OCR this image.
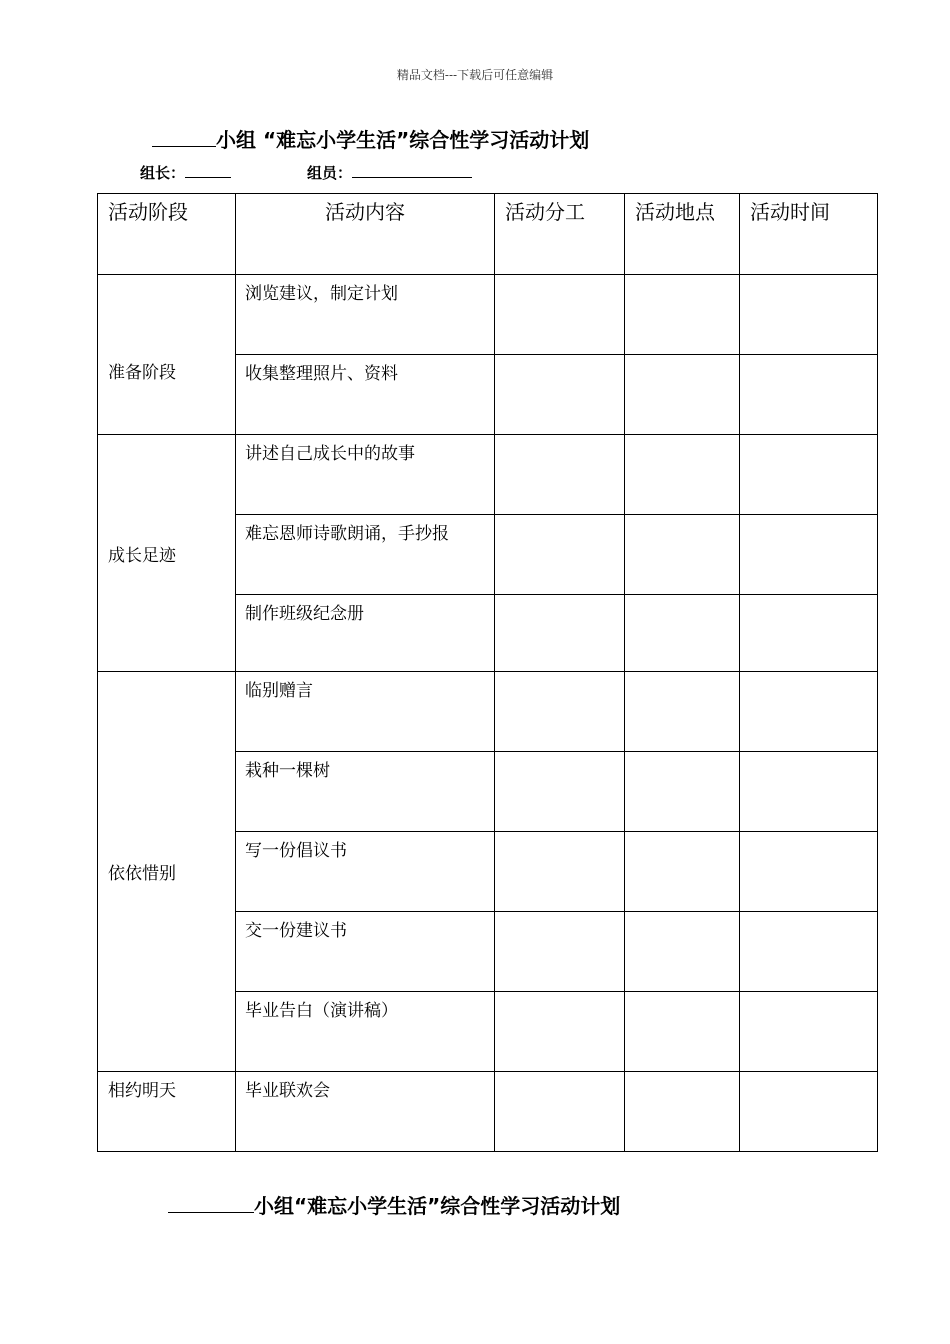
精品文档---下载后可任意编辑
小组 “难忘小学生活”综合性学习活动计划
组长：	组员：
活动阶段	活动内容	活动分工	活动地点	活动时间

准备阶段	浏览建议，制定计划			

	收集整理照片、资料			

成长足迹	讲述自己成长中的故事			

	难忘恩师诗歌朗诵，手抄报			

	制作班级纪念册			

依依惜别	临别赠言			

	栽种一棵树			

	写一份倡议书			

	交一份建议书			

	毕业告白（演讲稿）			

相约明天	毕业联欢会			

小组“难忘小学生活”综合性学习活动计划
